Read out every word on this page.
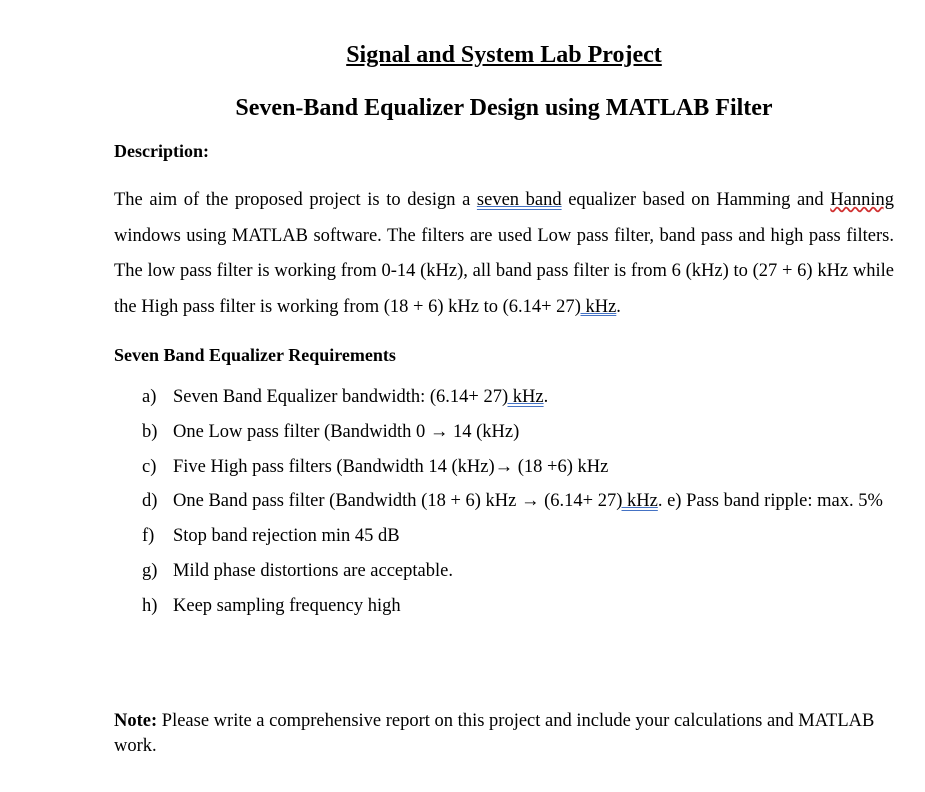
Signal and System Lab Project
Seven-Band Equalizer Design using MATLAB Filter
Description:

The aim of the proposed project is to design a seven band equalizer based on Hamming and Hanning windows using MATLAB software. The filters are used Low pass filter, band pass and high pass filters. The low pass filter is working from 0-14 (kHz), all band pass filter is from 6 (kHz) to (27 + 6) kHz while the High pass filter is working from (18 + 6) kHz to (6.14+ 27) kHz.

Seven Band Equalizer Requirements
a) Seven Band Equalizer bandwidth: (6.14+ 27) kHz.
b) One Low pass filter (Bandwidth 0 → 14 (kHz)
c) Five High pass filters (Bandwidth 14 (kHz)→ (18 +6) kHz
d) One Band pass filter (Bandwidth (18 + 6) kHz → (6.14+ 27) kHz. e) Pass band ripple: max. 5%
f) Stop band rejection min 45 dB
g) Mild phase distortions are acceptable.
h) Keep sampling frequency high

Note: Please write a comprehensive report on this project and include your calculations and MATLAB work.
